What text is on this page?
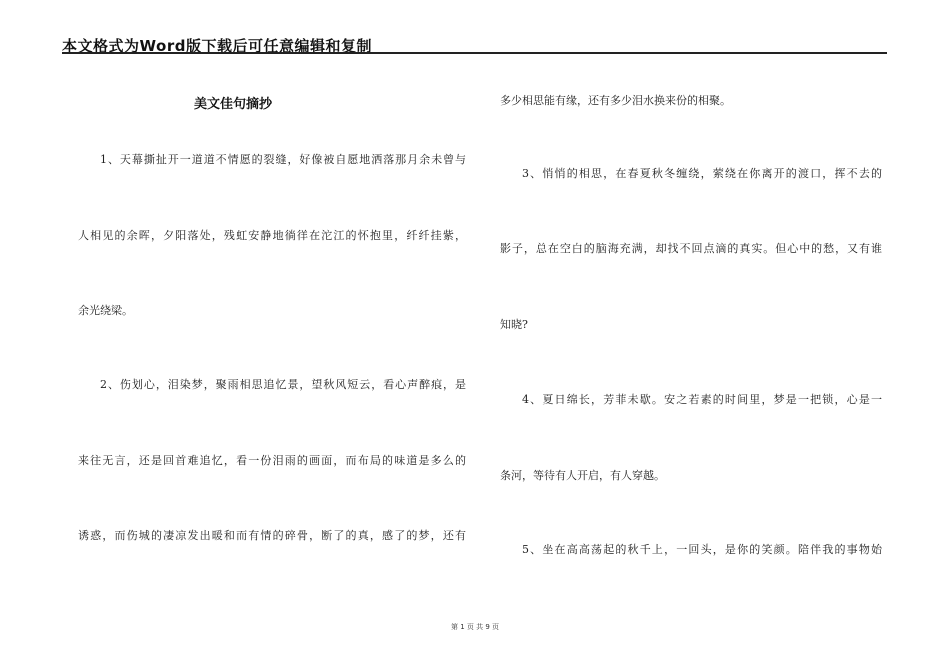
本文格式为Word版下载后可任意编辑和复制
美文佳句摘抄
1、天幕撕扯开一道道不情愿的裂缝，好像被自愿地洒落那月余未曾与
人相见的余晖，夕阳落处，残虹安静地徜徉在沱江的怀抱里，纤纤挂紫，
余光绕梁。
2、伤划心，泪染梦，聚雨相思追忆景，望秋风短云，看心声醉痕，是
来往无言，还是回首难追忆，看一份泪雨的画面，而布局的味道是多么的
诱惑，而伤城的凄凉发出暖和而有情的碎骨，断了的真，感了的梦，还有
多少相思能有缘，还有多少泪水换来份的相聚。
3、悄悄的相思，在春夏秋冬缠绕，萦绕在你离开的渡口，挥不去的
影子，总在空白的脑海充满，却找不回点滴的真实。但心中的愁，又有谁
知晓?
4、夏日绵长，芳菲未歇。安之若素的时间里，梦是一把锁，心是一
条河，等待有人开启，有人穿越。
5、坐在高高荡起的秋千上，一回头，是你的笑颜。陪伴我的事物始
第 1 页 共 9 页
